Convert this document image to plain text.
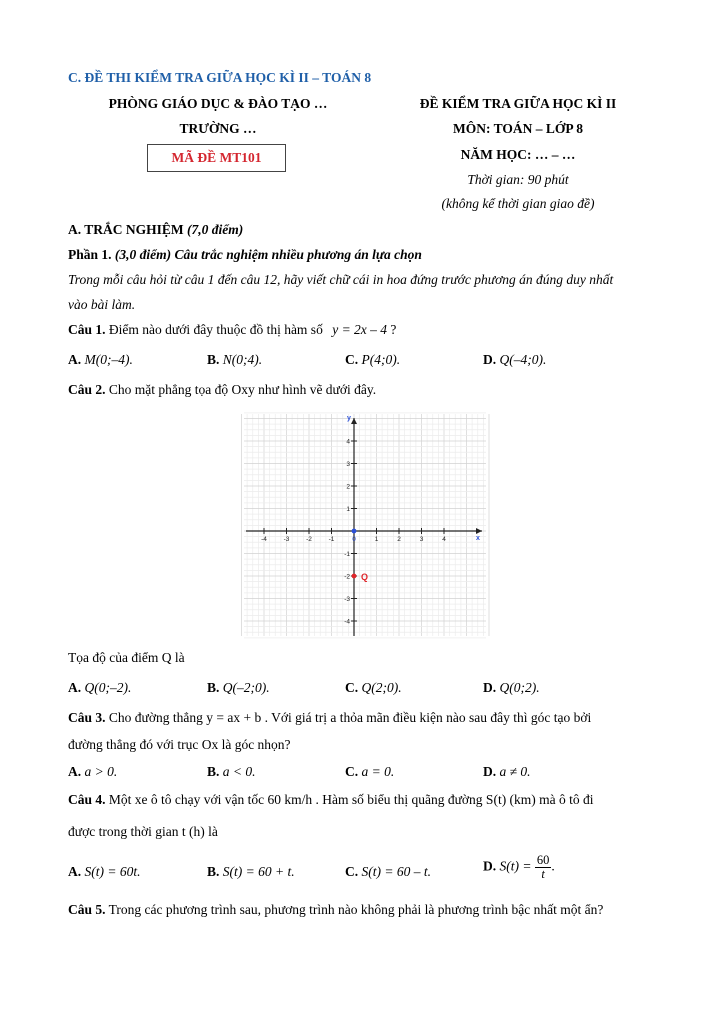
C. ĐỀ THI KIỂM TRA GIỮA HỌC KÌ II – TOÁN 8
PHÒNG GIÁO DỤC & ĐÀO TẠO …
TRƯỜNG …
MÃ ĐỀ MT101
ĐỀ KIỂM TRA GIỮA HỌC KÌ II
MÔN: TOÁN – LỚP 8
NĂM HỌC: … – …
Thời gian: 90 phút
(không kể thời gian giao đề)
A. TRẮC NGHIỆM (7,0 điểm)
Phần 1. (3,0 điểm) Câu trắc nghiệm nhiều phương án lựa chọn
Trong mỗi câu hỏi từ câu 1 đến câu 12, hãy viết chữ cái in hoa đứng trước phương án đúng duy nhất
vào bài làm.
Câu 1. Điểm nào dưới đây thuộc đồ thị hàm số y = 2x – 4 ?
A. M(0;–4).	B. N(0;4).	C. P(4;0).	D. Q(–4;0).
Câu 2. Cho mặt phẳng tọa độ Oxy như hình vẽ dưới đây.
x
y
-4	-3	-2	-1	0	1	2	3	4
4
3
2
1
-1
-2
-3
-4
Q
Tọa độ của điểm Q là
A. Q(0;–2).	B. Q(–2;0).	C. Q(2;0).	D. Q(0;2).
Câu 3. Cho đường thẳng y = ax + b . Với giá trị a thỏa mãn điều kiện nào sau đây thì góc tạo bởi
đường thẳng đó với trục Ox là góc nhọn?
A. a > 0.	B. a < 0.	C. a = 0.	D. a ≠ 0.
Câu 4. Một xe ô tô chạy với vận tốc 60 km/h . Hàm số biểu thị quãng đường S(t) (km) mà ô tô đi
được trong thời gian t (h) là
A. S(t) = 60t.	B. S(t) = 60 + t.	C. S(t) = 60 – t.	D. $S(t) = \frac{60}{t}$ .
Câu 5. Trong các phương trình sau, phương trình nào không phải là phương trình bậc nhất một ẩn?
